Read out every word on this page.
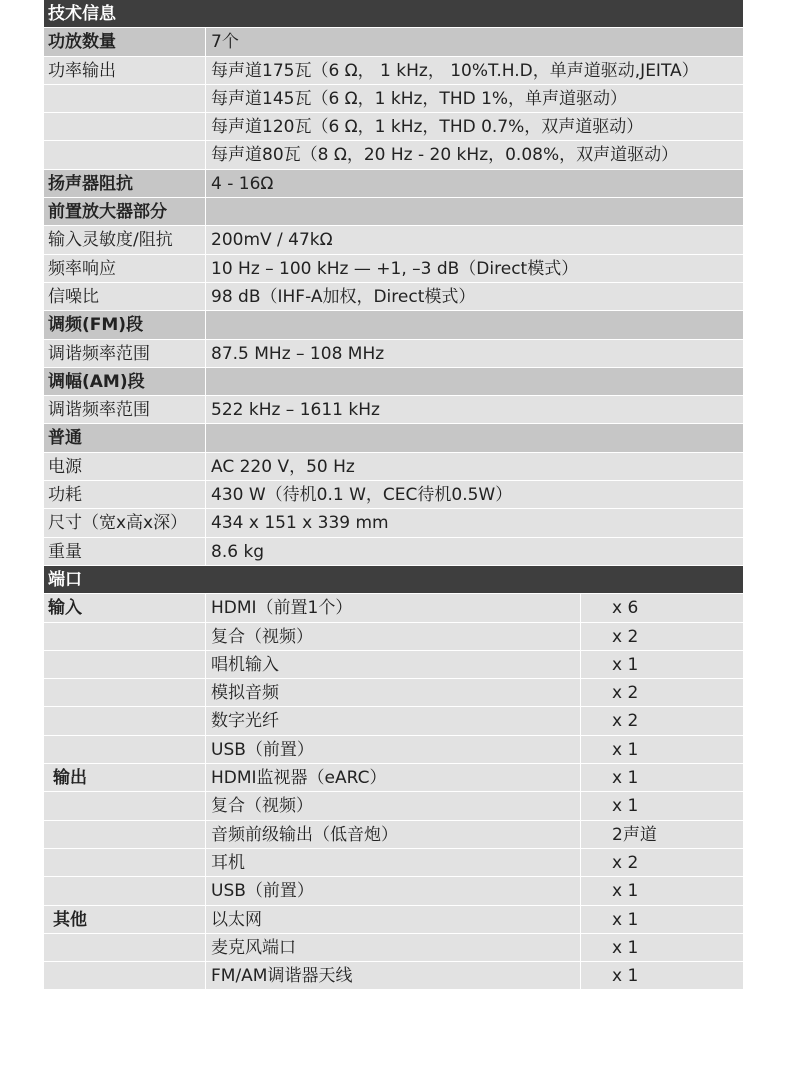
技术信息
功放数量	7个
功率输出	每声道175瓦（6 Ω， 1 kHz， 10%T.H.D，单声道驱动,JEITA）
每声道145瓦（6 Ω，1 kHz，THD 1%，单声道驱动）
每声道120瓦（6 Ω，1 kHz，THD 0.7%，双声道驱动）
每声道80瓦（8 Ω，20 Hz - 20 kHz，0.08%，双声道驱动）
扬声器阻抗	4 - 16Ω
前置放大器部分
输入灵敏度/阻抗	200mV / 47kΩ
频率响应	10 Hz – 100 kHz — +1, –3 dB（Direct模式）
信噪比	98 dB（IHF-A加权，Direct模式）
调频(FM)段
调谐频率范围	87.5 MHz – 108 MHz
调幅(AM)段
调谐频率范围	522 kHz – 1611 kHz
普通
电源	AC 220 V，50 Hz
功耗	430 W（待机0.1 W，CEC待机0.5W）
尺寸（宽x高x深）	434 x 151 x 339 mm
重量	8.6 kg
端口
输入	HDMI（前置1个）	x 6
复合（视频）	x 2
唱机输入	x 1
模拟音频	x 2
数字光纤	x 2
USB（前置）	x 1
输出	HDMI监视器（eARC）	x 1
复合（视频）	x 1
音频前级输出（低音炮）	2声道
耳机	x 2
USB（前置）	x 1
其他	以太网	x 1
麦克风端口	x 1
FM/AM调谐器天线	x 1
